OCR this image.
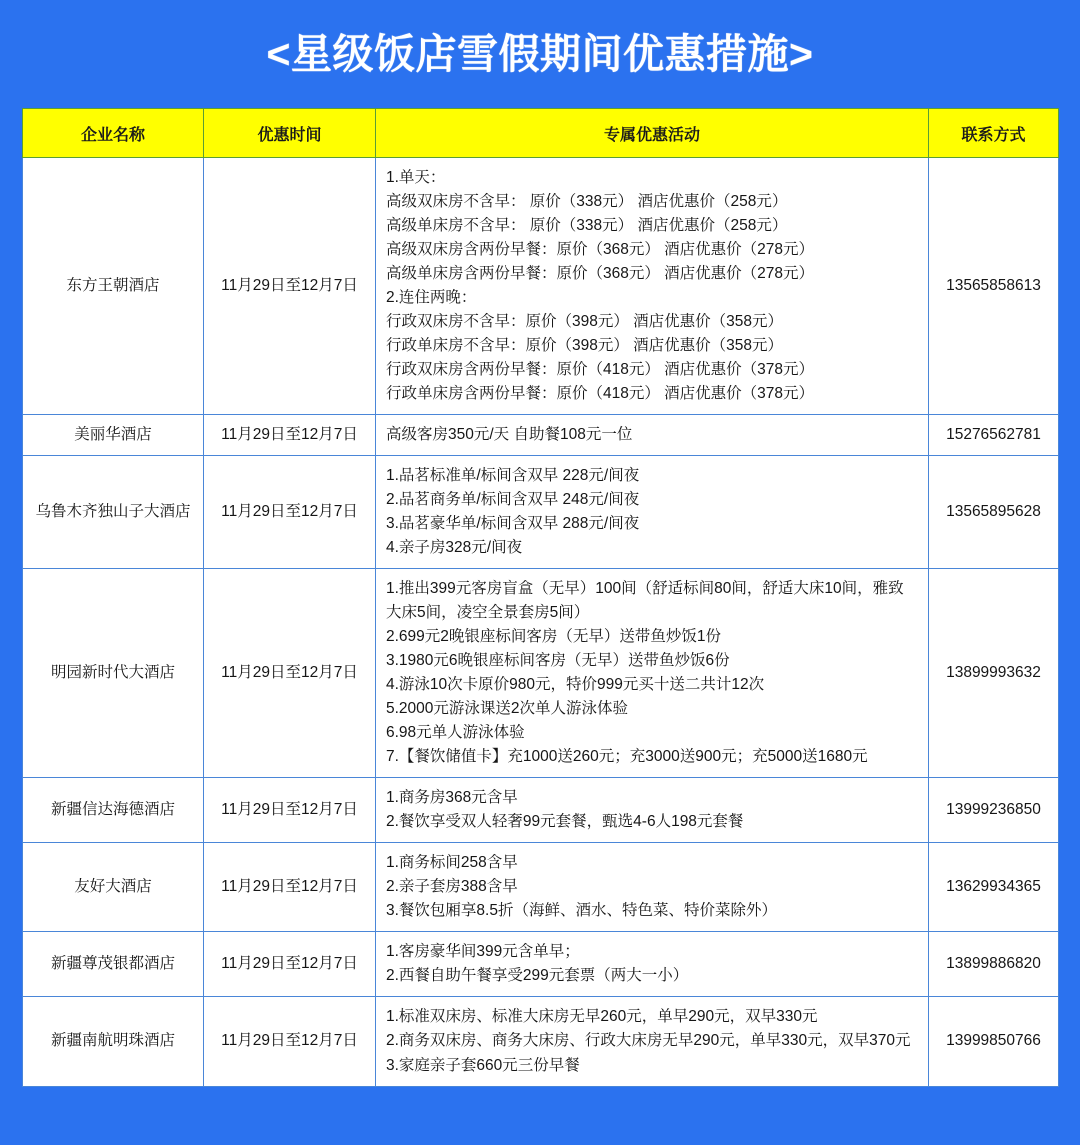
<星级饭店雪假期间优惠措施>
企业名称	优惠时间	专属优惠活动	联系方式
东方王朝酒店	11月29日至12月7日	
1.单天：
高级双床房不含早： 原价（338元） 酒店优惠价（258元）
高级单床房不含早： 原价（338元） 酒店优惠价（258元）
高级双床房含两份早餐：原价（368元） 酒店优惠价（278元）
高级单床房含两份早餐：原价（368元） 酒店优惠价（278元）
2.连住两晚：
行政双床房不含早：原价（398元） 酒店优惠价（358元）
行政单床房不含早：原价（398元） 酒店优惠价（358元）
行政双床房含两份早餐：原价（418元） 酒店优惠价（378元）
行政单床房含两份早餐：原价（418元） 酒店优惠价（378元）
	13565858613
美丽华酒店	11月29日至12月7日	高级客房350元/天 自助餐108元一位	15276562781
乌鲁木齐独山子大酒店	11月29日至12月7日	1.品茗标准单/标间含双早 228元/间夜
2.品茗商务单/标间含双早 248元/间夜
3.品茗豪华单/标间含双早 288元/间夜
4.亲子房328元/间夜	13565895628
明园新时代大酒店	11月29日至12月7日	
1.推出399元客房盲盒（无早）100间（舒适标间80间，舒适大床10间，雅致大床5间，凌空全景套房5间）
2.699元2晚银座标间客房（无早）送带鱼炒饭1份
3.1980元6晚银座标间客房（无早）送带鱼炒饭6份
4.游泳10次卡原价980元，特价999元买十送二共计12次
5.2000元游泳课送2次单人游泳体验
6.98元单人游泳体验
7.【餐饮储值卡】充1000送260元；充3000送900元；充5000送1680元
	13899993632
新疆信达海德酒店	11月29日至12月7日	1.商务房368元含早
2.餐饮享受双人轻奢99元套餐，甄选4-6人198元套餐	13999236850
友好大酒店	11月29日至12月7日	1.商务标间258含早
2.亲子套房388含早
3.餐饮包厢享8.5折（海鲜、酒水、特色菜、特价菜除外）	13629934365
新疆尊茂银都酒店	11月29日至12月7日	1.客房豪华间399元含单早；
2.西餐自助午餐享受299元套票（两大一小）	13899886820
新疆南航明珠酒店	11月29日至12月7日	1.标准双床房、标准大床房无早260元，单早290元，双早330元
2.商务双床房、商务大床房、行政大床房无早290元，单早330元，双早370元
3.家庭亲子套660元三份早餐	13999850766
